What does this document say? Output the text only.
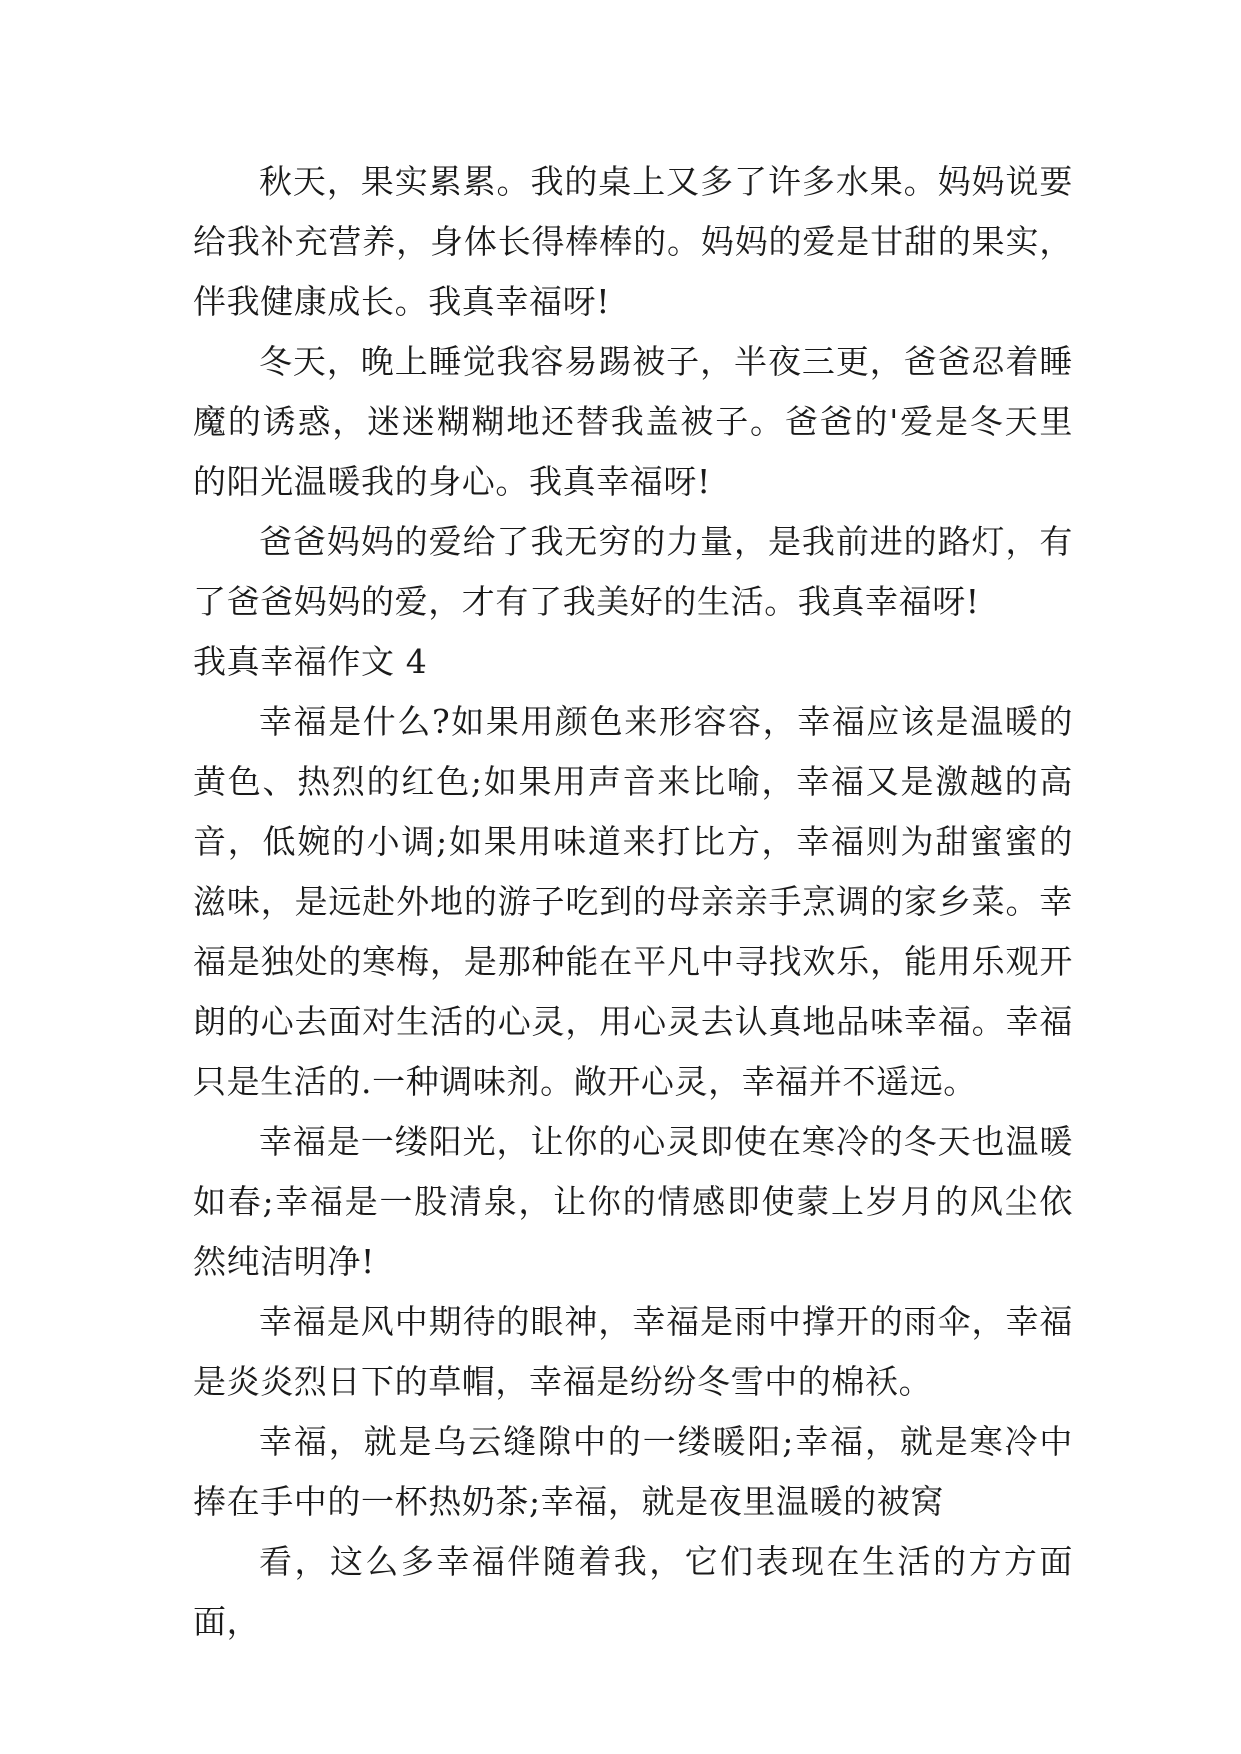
秋天，果实累累。我的桌上又多了许多水果。妈妈说要给我补充营养，身体长得棒棒的。妈妈的爱是甘甜的果实，伴我健康成长。我真幸福呀!

冬天，晚上睡觉我容易踢被子，半夜三更，爸爸忍着睡魔的诱惑，迷迷糊糊地还替我盖被子。爸爸的'爱是冬天里的阳光温暖我的身心。我真幸福呀!

爸爸妈妈的爱给了我无穷的力量，是我前进的路灯，有了爸爸妈妈的爱，才有了我美好的生活。我真幸福呀!

我真幸福作文 4

幸福是什么?如果用颜色来形容容，幸福应该是温暖的黄色、热烈的红色;如果用声音来比喻，幸福又是激越的高音，低婉的小调;如果用味道来打比方，幸福则为甜蜜蜜的滋味，是远赴外地的游子吃到的母亲亲手烹调的家乡菜。幸福是独处的寒梅，是那种能在平凡中寻找欢乐，能用乐观开朗的心去面对生活的心灵，用心灵去认真地品味幸福。幸福只是生活的.一种调味剂。敞开心灵，幸福并不遥远。

幸福是一缕阳光，让你的心灵即使在寒冷的冬天也温暖如春;幸福是一股清泉，让你的情感即使蒙上岁月的风尘依然纯洁明净!

幸福是风中期待的眼神，幸福是雨中撑开的雨伞，幸福是炎炎烈日下的草帽，幸福是纷纷冬雪中的棉袄。

幸福，就是乌云缝隙中的一缕暖阳;幸福，就是寒冷中捧在手中的一杯热奶茶;幸福，就是夜里温暖的被窝

看，这么多幸福伴随着我，它们表现在生活的方方面面，
